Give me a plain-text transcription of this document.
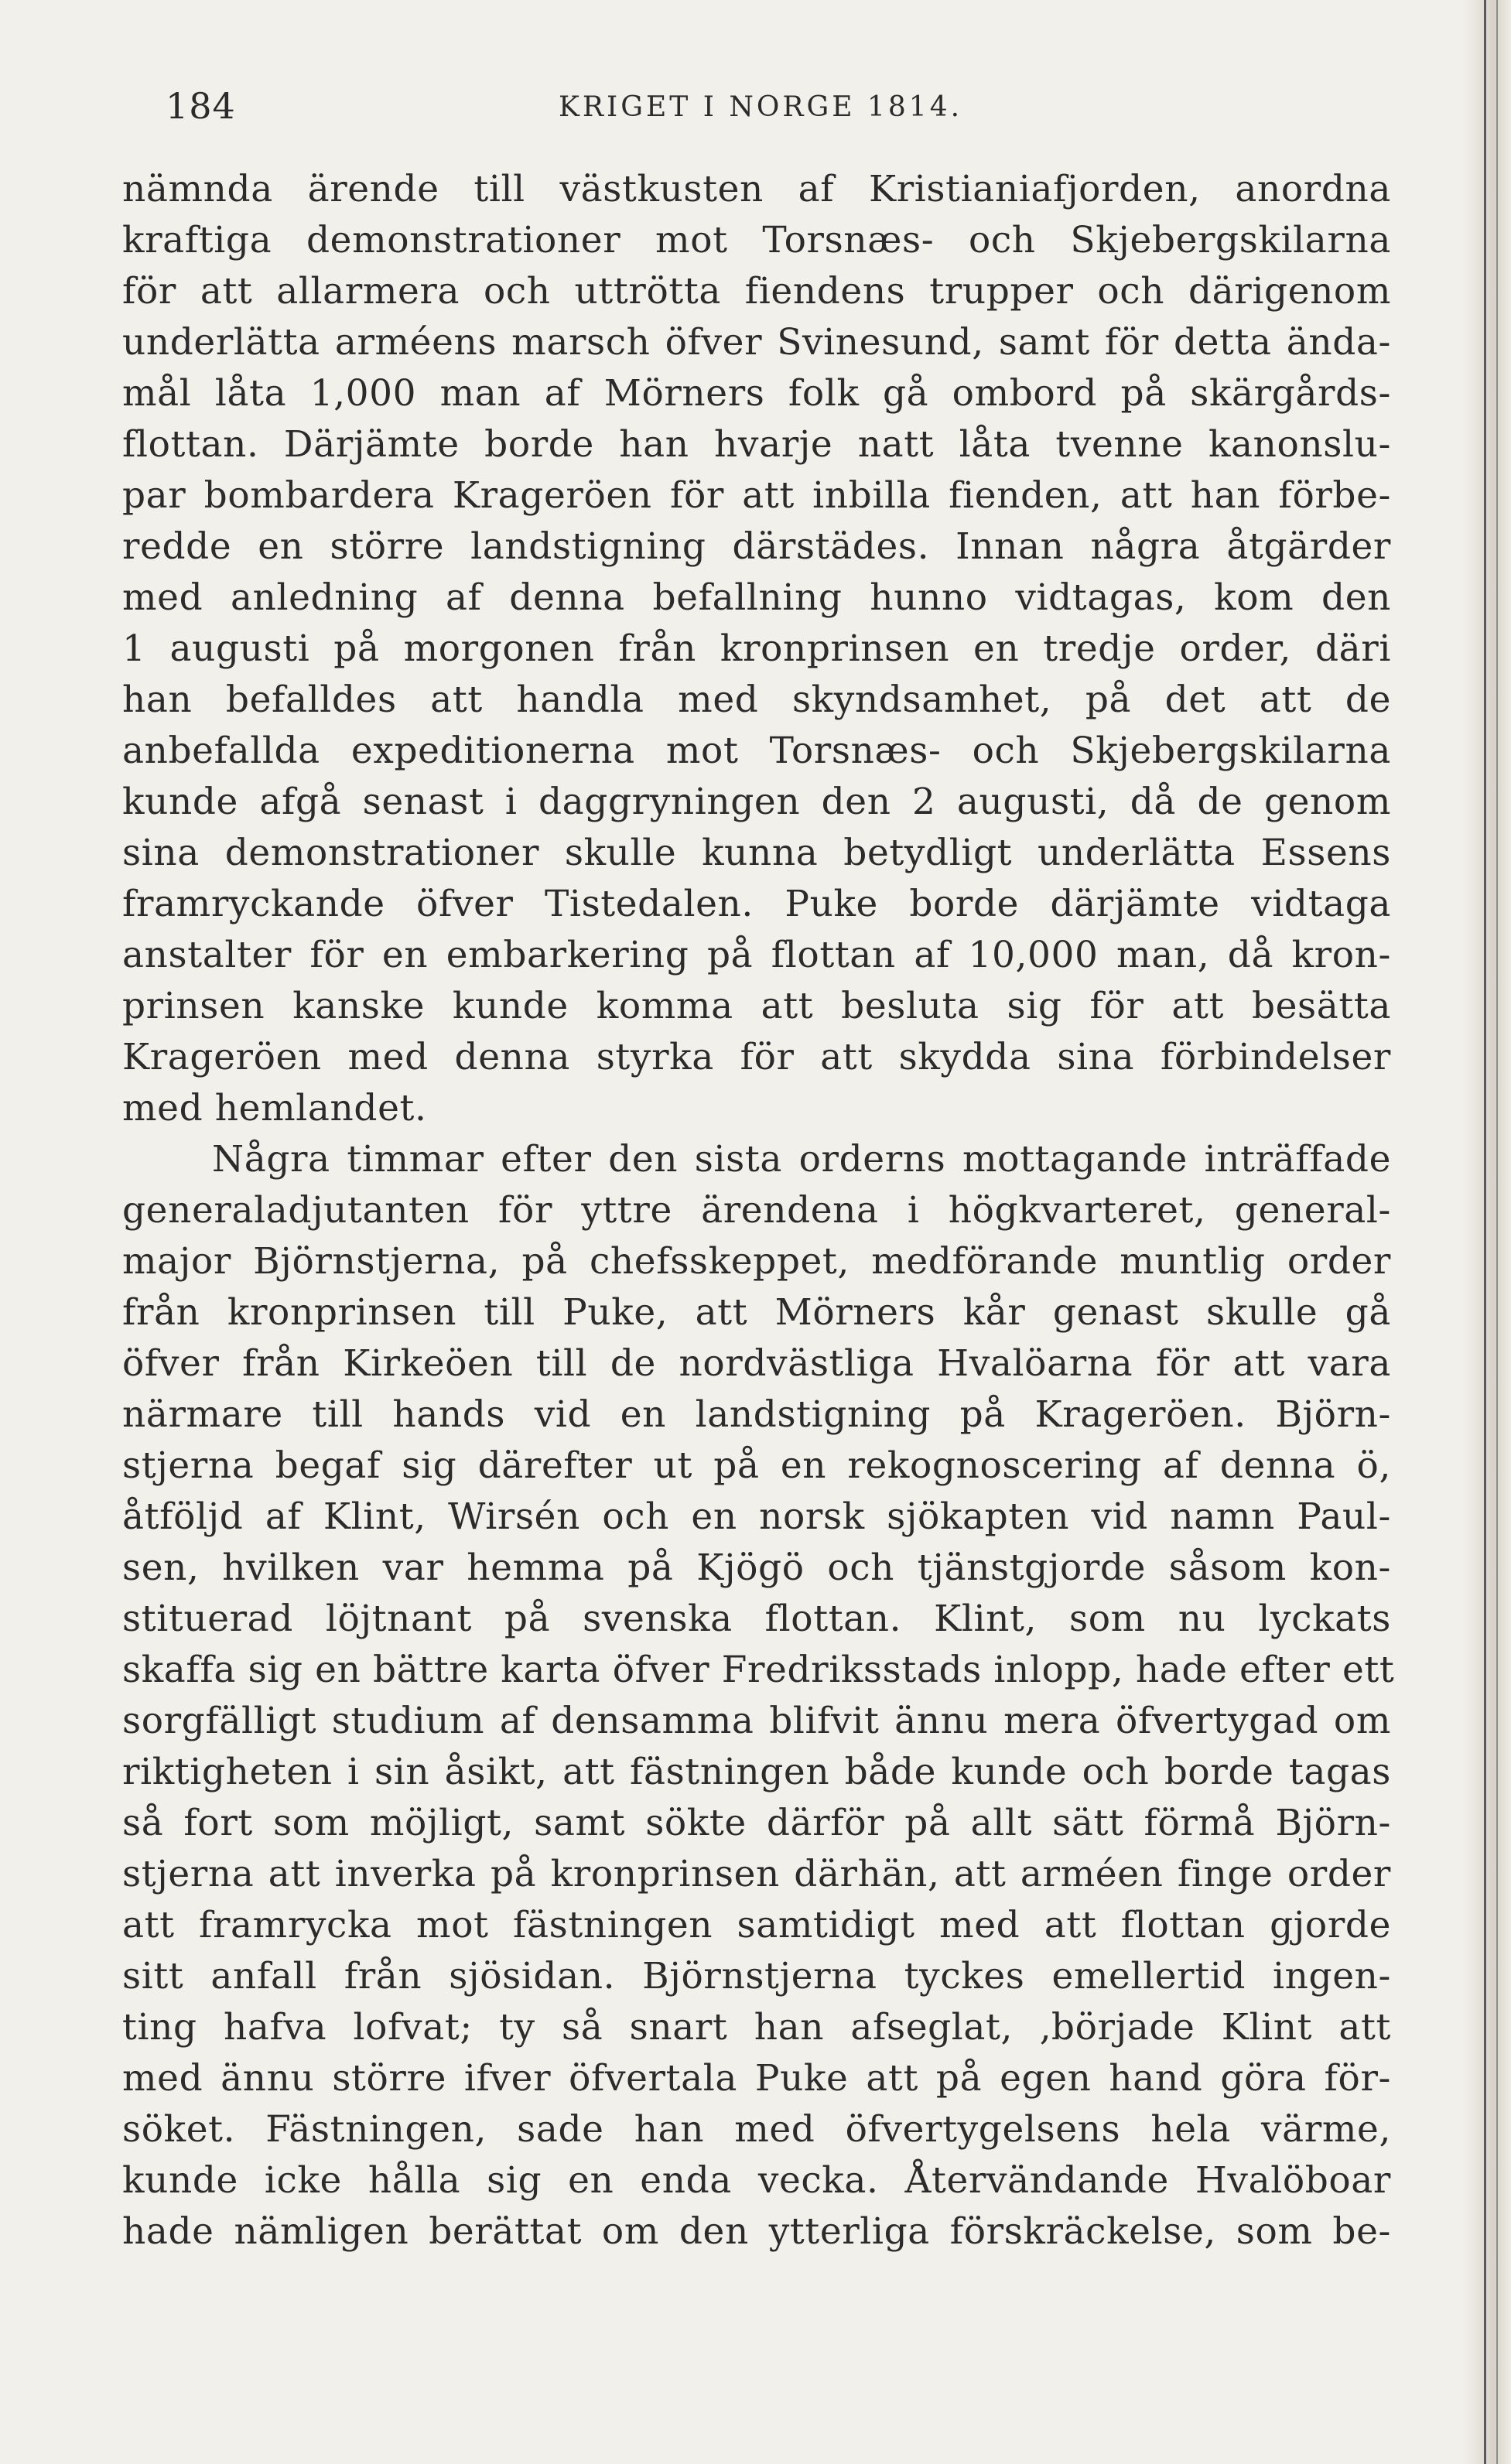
184	KRIGET I NORGE 1814.
nämnda ärende till västkusten af Kristianiafjorden, anordna
kraftiga demonstrationer mot Torsnæs- och Skjebergskilarna
för att allarmera och uttrötta fiendens trupper och därigenom
underlätta arméens marsch öfver Svinesund, samt för detta ända-
mål låta 1,000 man af Mörners folk gå ombord på skärgårds-
flottan. Därjämte borde han hvarje natt låta tvenne kanonslu-
par bombardera Krageröen för att inbilla fienden, att han förbe-
redde en större landstigning därstädes. Innan några åtgärder
med anledning af denna befallning hunno vidtagas, kom den
1 augusti på morgonen från kronprinsen en tredje order, däri
han befalldes att handla med skyndsamhet, på det att de
anbefallda expeditionerna mot Torsnæs- och Skjebergskilarna
kunde afgå senast i daggryningen den 2 augusti, då de genom
sina demonstrationer skulle kunna betydligt underlätta Essens
framryckande öfver Tistedalen. Puke borde därjämte vidtaga
anstalter för en embarkering på flottan af 10,000 man, då kron-
prinsen kanske kunde komma att besluta sig för att besätta
Krageröen med denna styrka för att skydda sina förbindelser
med hemlandet.
Några timmar efter den sista orderns mottagande inträffade
generaladjutanten för yttre ärendena i högkvarteret, general-
major Björnstjerna, på chefsskeppet, medförande muntlig order
från kronprinsen till Puke, att Mörners kår genast skulle gå
öfver från Kirkeöen till de nordvästliga Hvalöarna för att vara
närmare till hands vid en landstigning på Krageröen. Björn-
stjerna begaf sig därefter ut på en rekognoscering af denna ö,
åtföljd af Klint, Wirsén och en norsk sjökapten vid namn Paul-
sen, hvilken var hemma på Kjögö och tjänstgjorde såsom kon-
stituerad löjtnant på svenska flottan. Klint, som nu lyckats
skaffa sig en bättre karta öfver Fredriksstads inlopp, hade efter ett
sorgfälligt studium af densamma blifvit ännu mera öfvertygad om
riktigheten i sin åsikt, att fästningen både kunde och borde tagas
så fort som möjligt, samt sökte därför på allt sätt förmå Björn-
stjerna att inverka på kronprinsen därhän, att arméen finge order
att framrycka mot fästningen samtidigt med att flottan gjorde
sitt anfall från sjösidan. Björnstjerna tyckes emellertid ingen-
ting hafva lofvat; ty så snart han afseglat, ‚började Klint att
med ännu större ifver öfvertala Puke att på egen hand göra för-
söket. Fästningen, sade han med öfvertygelsens hela värme,
kunde icke hålla sig en enda vecka. Återvändande Hvalöboar
hade nämligen berättat om den ytterliga förskräckelse, som be-
